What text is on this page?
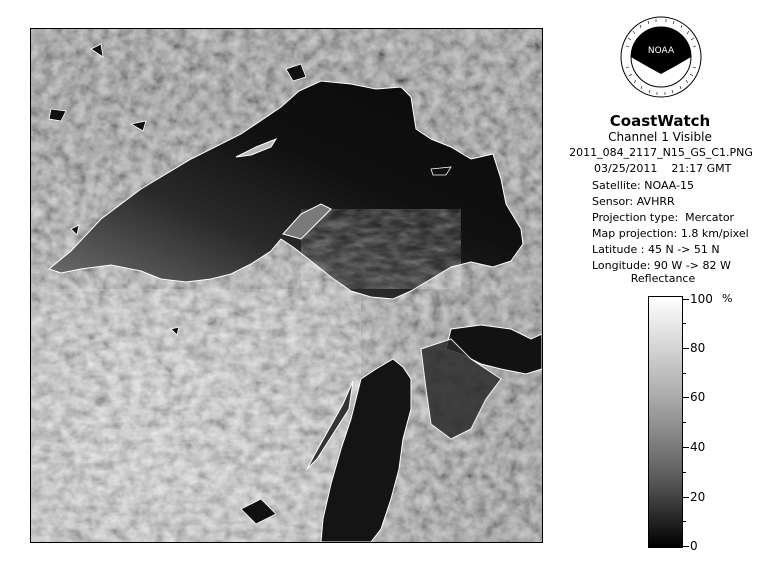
NOAA
CoastWatch
Channel 1 Visible
2011_084_2117_N15_GS_C1.PNG
03/25/2011 21:17 GMT
Satellite: NOAA-15
Sensor: AVHRR
Projection type: Mercator
Map projection: 1.8 km/pixel
Latitude : 45 N -> 51 N
Longitude: 90 W -> 82 W
Reflectance
%
100
80
60
40
20
0
